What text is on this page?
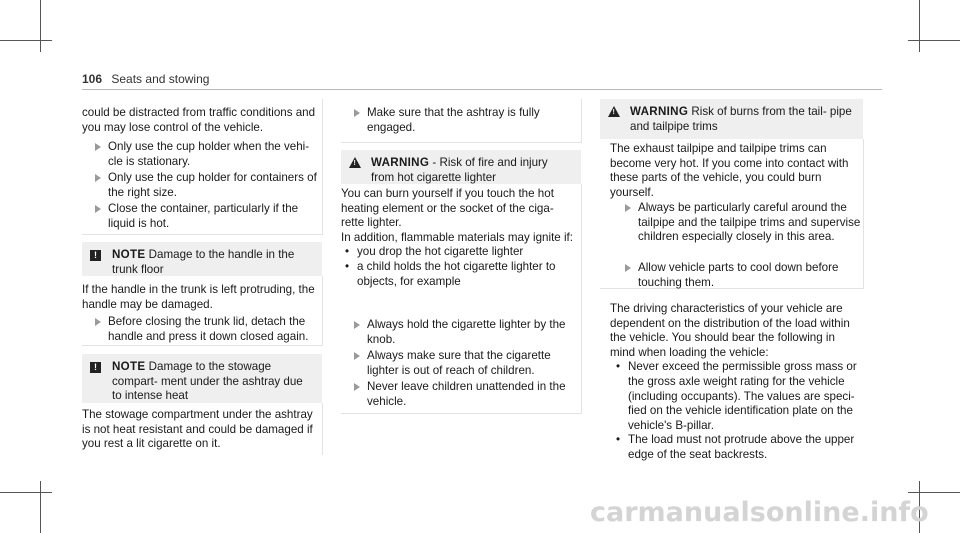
106 Seats and stowing

could be distracted from traffic conditions and you may lose control of the vehicle.

Only use the cup holder when the vehi- cle is stationary.

Only use the cup holder for containers of the right size.

Close the container, particularly if the liquid is hot.

!	NOTE Damage to the handle in the trunk floor

If the handle in the trunk is left protruding, the handle may be damaged.

Before closing the trunk lid, detach the handle and press it down closed again.

!	NOTE Damage to the stowage compart- ment under the ashtray due to intense heat

The stowage compartment under the ashtray is not heat resistant and could be damaged if you rest a lit cigarette on it.

Make sure that the ashtray is fully engaged.

! WARNING - Risk of fire and injury from hot cigarette lighter

You can burn yourself if you touch the hot heating element or the socket of the ciga- rette lighter.

In addition, flammable materials may ignite if:

• you drop the hot cigarette lighter

• a child holds the hot cigarette lighter to objects, for example

Always hold the cigarette lighter by the knob.

Always make sure that the cigarette lighter is out of reach of children.

Never leave children unattended in the vehicle.

! WARNING Risk of burns from the tail- pipe and tailpipe trims

The exhaust tailpipe and tailpipe trims can become very hot. If you come into contact with these parts of the vehicle, you could burn yourself.

Always be particularly careful around the tailpipe and the tailpipe trims and supervise children especially closely in this area.

Allow vehicle parts to cool down before touching them.

The driving characteristics of your vehicle are dependent on the distribution of the load within the vehicle. You should bear the following in mind when loading the vehicle:

• Never exceed the permissible gross mass or the gross axle weight rating for the vehicle (including occupants). The values are speci- fied on the vehicle identification plate on the vehicle's B-pillar.

• The load must not protrude above the upper edge of the seat backrests.

carmanualsonline.info
